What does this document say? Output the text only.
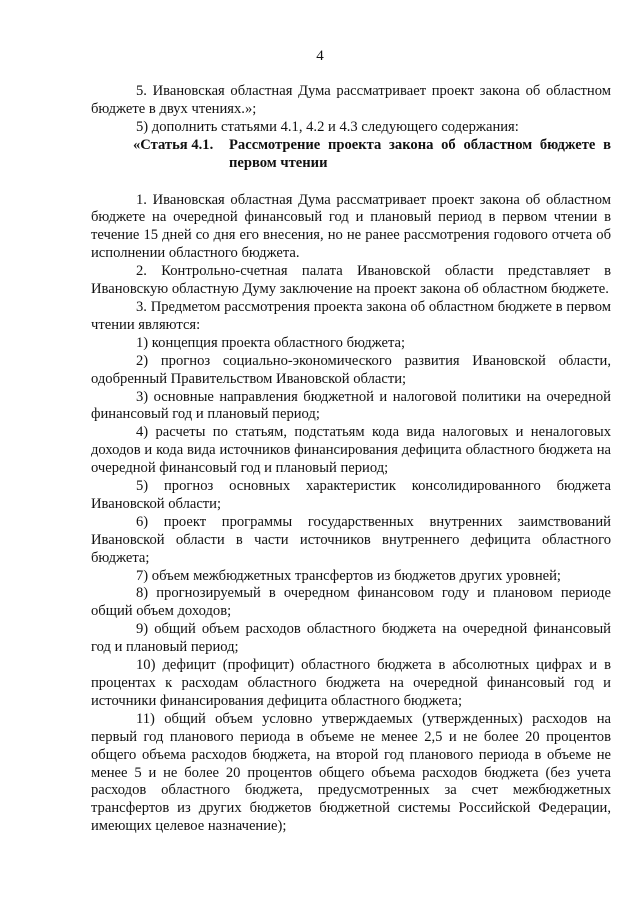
4

5. Ивановская областная Дума рассматривает проект закона об областном бюджете в двух чтениях.»;

5) дополнить статьями 4.1, 4.2 и 4.3 следующего содержания:

«Статья 4.1.	Рассмотрение проекта закона об областном бюджете в первом чтении

1. Ивановская областная Дума рассматривает проект закона об областном бюджете на очередной финансовый год и плановый период в первом чтении в течение 15 дней со дня его внесения, но не ранее рассмотрения годового отчета об исполнении областного бюджета.

2. Контрольно-счетная палата Ивановской области представляет в Ивановскую областную Думу заключение на проект закона об областном бюджете.

3. Предметом рассмотрения проекта закона об областном бюджете в первом чтении являются:

1) концепция проекта областного бюджета;

2) прогноз социально-экономического развития Ивановской области, одобренный Правительством Ивановской области;

3) основные направления бюджетной и налоговой политики на очередной финансовый год и плановый период;

4) расчеты по статьям, подстатьям кода вида налоговых и неналоговых доходов и кода вида источников финансирования дефицита областного бюджета на очередной финансовый год и плановый период;

5) прогноз основных характеристик консолидированного бюджета Ивановской области;

6) проект программы государственных внутренних заимствований Ивановской области в части источников внутреннего дефицита областного бюджета;

7) объем межбюджетных трансфертов из бюджетов других уровней;

8) прогнозируемый в очередном финансовом году и плановом периоде общий объем доходов;

9) общий объем расходов областного бюджета на очередной финансовый год и плановый период;

10) дефицит (профицит) областного бюджета в абсолютных цифрах и в процентах к расходам областного бюджета на очередной финансовый год и источники финансирования дефицита областного бюджета;

11) общий объем условно утверждаемых (утвержденных) расходов на первый год планового периода в объеме не менее 2,5 и не более 20 процентов общего объема расходов бюджета, на второй год планового периода в объеме не менее 5 и не более 20 процентов общего объема расходов бюджета (без учета расходов областного бюджета, предусмотренных за счет межбюджетных трансфертов из других бюджетов бюджетной системы Российской Федерации, имеющих целевое назначение);
